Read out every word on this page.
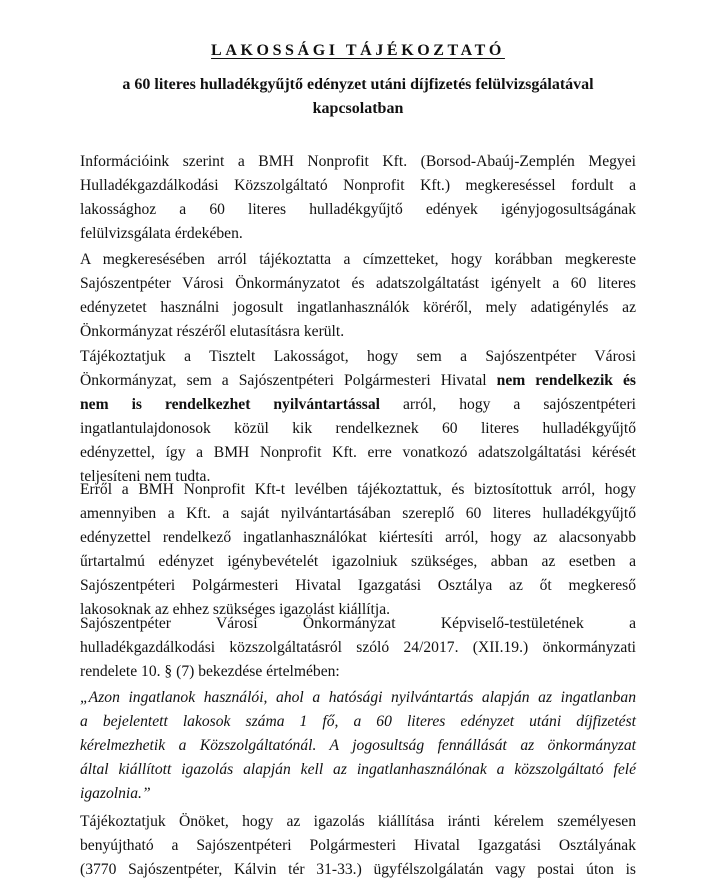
LAKOSSÁGI TÁJÉKOZTATÓ
a 60 literes hulladékgyűjtő edényzet utáni díjfizetés felülvizsgálatával
kapcsolatban
Információink szerint a BMH Nonprofit Kft. (Borsod-Abaúj-Zemplén Megyei
Hulladékgazdálkodási Közszolgáltató Nonprofit Kft.) megkereséssel fordult a
lakossághoz a 60 literes hulladékgyűjtő edények igényjogosultságának
felülvizsgálata érdekében.
A megkeresésében arról tájékoztatta a címzetteket, hogy korábban megkereste
Sajószentpéter Városi Önkormányzatot és adatszolgáltatást igényelt a 60 literes
edényzetet használni jogosult ingatlanhasználók köréről, mely adatigénylés az
Önkormányzat részéről elutasításra került.
Tájékoztatjuk a Tisztelt Lakosságot, hogy sem a Sajószentpéter Városi
Önkormányzat, sem a Sajószentpéteri Polgármesteri Hivatal nem rendelkezik és
nem is rendelkezhet nyilvántartással arról, hogy a sajószentpéteri
ingatlantulajdonosok közül kik rendelkeznek 60 literes hulladékgyűjtő
edényzettel, így a BMH Nonprofit Kft. erre vonatkozó adatszolgáltatási kérését
teljesíteni nem tudta.
Erről a BMH Nonprofit Kft-t levélben tájékoztattuk, és biztosítottuk arról, hogy
amennyiben a Kft. a saját nyilvántartásában szereplő 60 literes hulladékgyűjtő
edényzettel rendelkező ingatlanhasználókat kiértesíti arról, hogy az alacsonyabb
űrtartalmú edényzet igénybevételét igazolniuk szükséges, abban az esetben a
Sajószentpéteri Polgármesteri Hivatal Igazgatási Osztálya az őt megkereső
lakosoknak az ehhez szükséges igazolást kiállítja.
Sajószentpéter Városi Önkormányzat Képviselő-testületének a
hulladékgazdálkodási közszolgáltatásról szóló 24/2017. (XII.19.) önkormányzati
rendelete 10. § (7) bekezdése értelmében:
„Azon ingatlanok használói, ahol a hatósági nyilvántartás alapján az ingatlanban
a bejelentett lakosok száma 1 fő, a 60 literes edényzet utáni díjfizetést
kérelmezhetik a Közszolgáltatónál. A jogosultság fennállását az önkormányzat
által kiállított igazolás alapján kell az ingatlanhasználónak a közszolgáltató felé
igazolnia.”
Tájékoztatjuk Önöket, hogy az igazolás kiállítása iránti kérelem személyesen
benyújtható a Sajószentpéteri Polgármesteri Hivatal Igazgatási Osztályának
(3770 Sajószentpéter, Kálvin tér 31-33.) ügyfélszolgálatán vagy postai úton is
